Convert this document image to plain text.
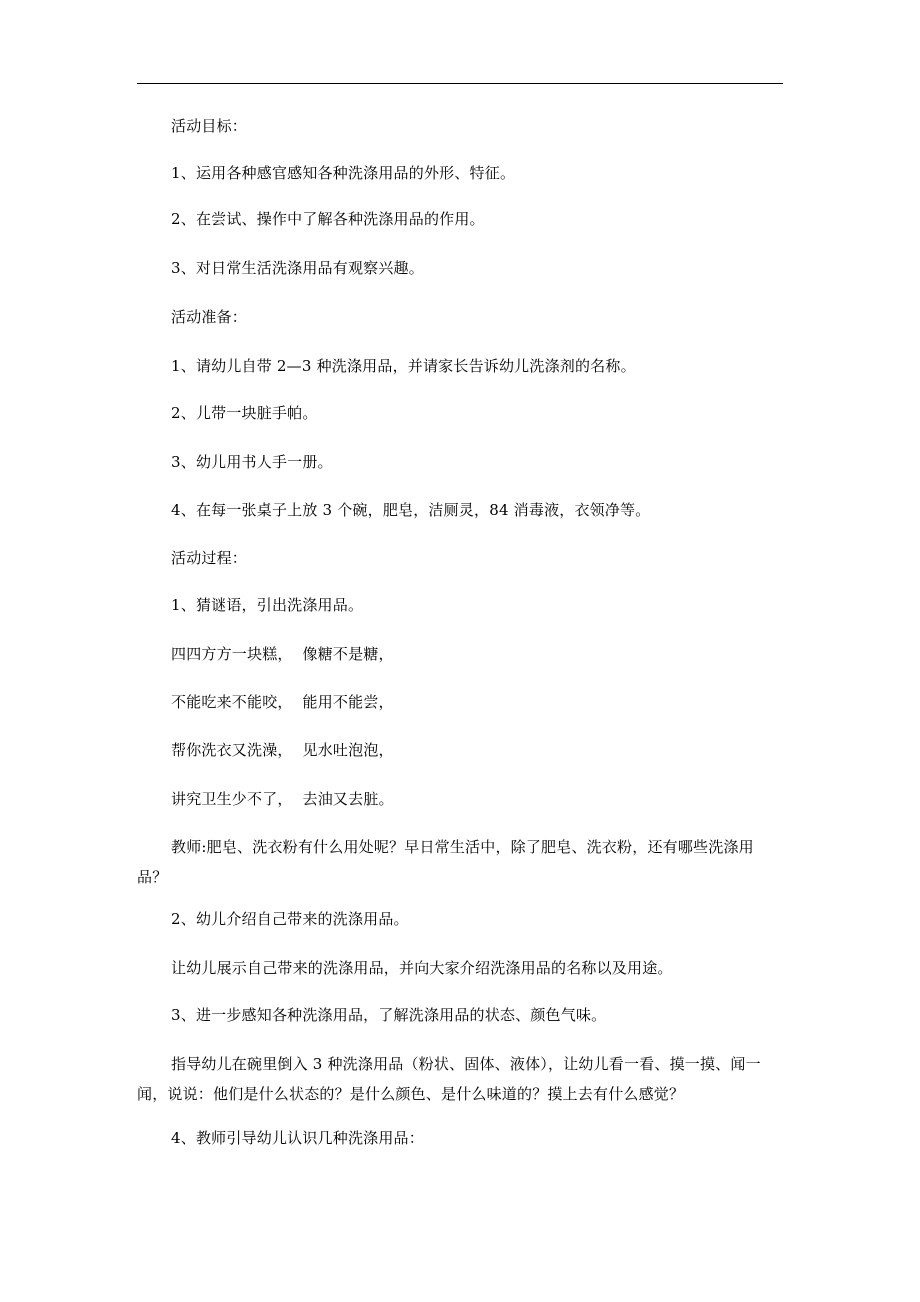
活动目标：
1、运用各种感官感知各种洗涤用品的外形、特征。
2、在尝试、操作中了解各种洗涤用品的作用。
3、对日常生活洗涤用品有观察兴趣。
活动准备：
1、请幼儿自带 2—3 种洗涤用品，并请家长告诉幼儿洗涤剂的名称。
2、儿带一块脏手帕。
3、幼儿用书人手一册。
4、在每一张桌子上放 3 个碗，肥皂，洁厕灵，84 消毒液，衣领净等。
活动过程：
1、猜谜语，引出洗涤用品。
四四方方一块糕，  像糖不是糖，
不能吃来不能咬，  能用不能尝，
帮你洗衣又洗澡，  见水吐泡泡，
讲究卫生少不了，  去油又去脏。
教师:肥皂、洗衣粉有什么用处呢？早日常生活中，除了肥皂、洗衣粉，还有哪些洗涤用品？
2、幼儿介绍自己带来的洗涤用品。
让幼儿展示自己带来的洗涤用品，并向大家介绍洗涤用品的名称以及用途。
3、进一步感知各种洗涤用品，了解洗涤用品的状态、颜色气味。
指导幼儿在碗里倒入 3 种洗涤用品（粉状、固体、液体），让幼儿看一看、摸一摸、闻一闻，说说：他们是什么状态的？是什么颜色、是什么味道的？摸上去有什么感觉？
4、教师引导幼儿认识几种洗涤用品：
